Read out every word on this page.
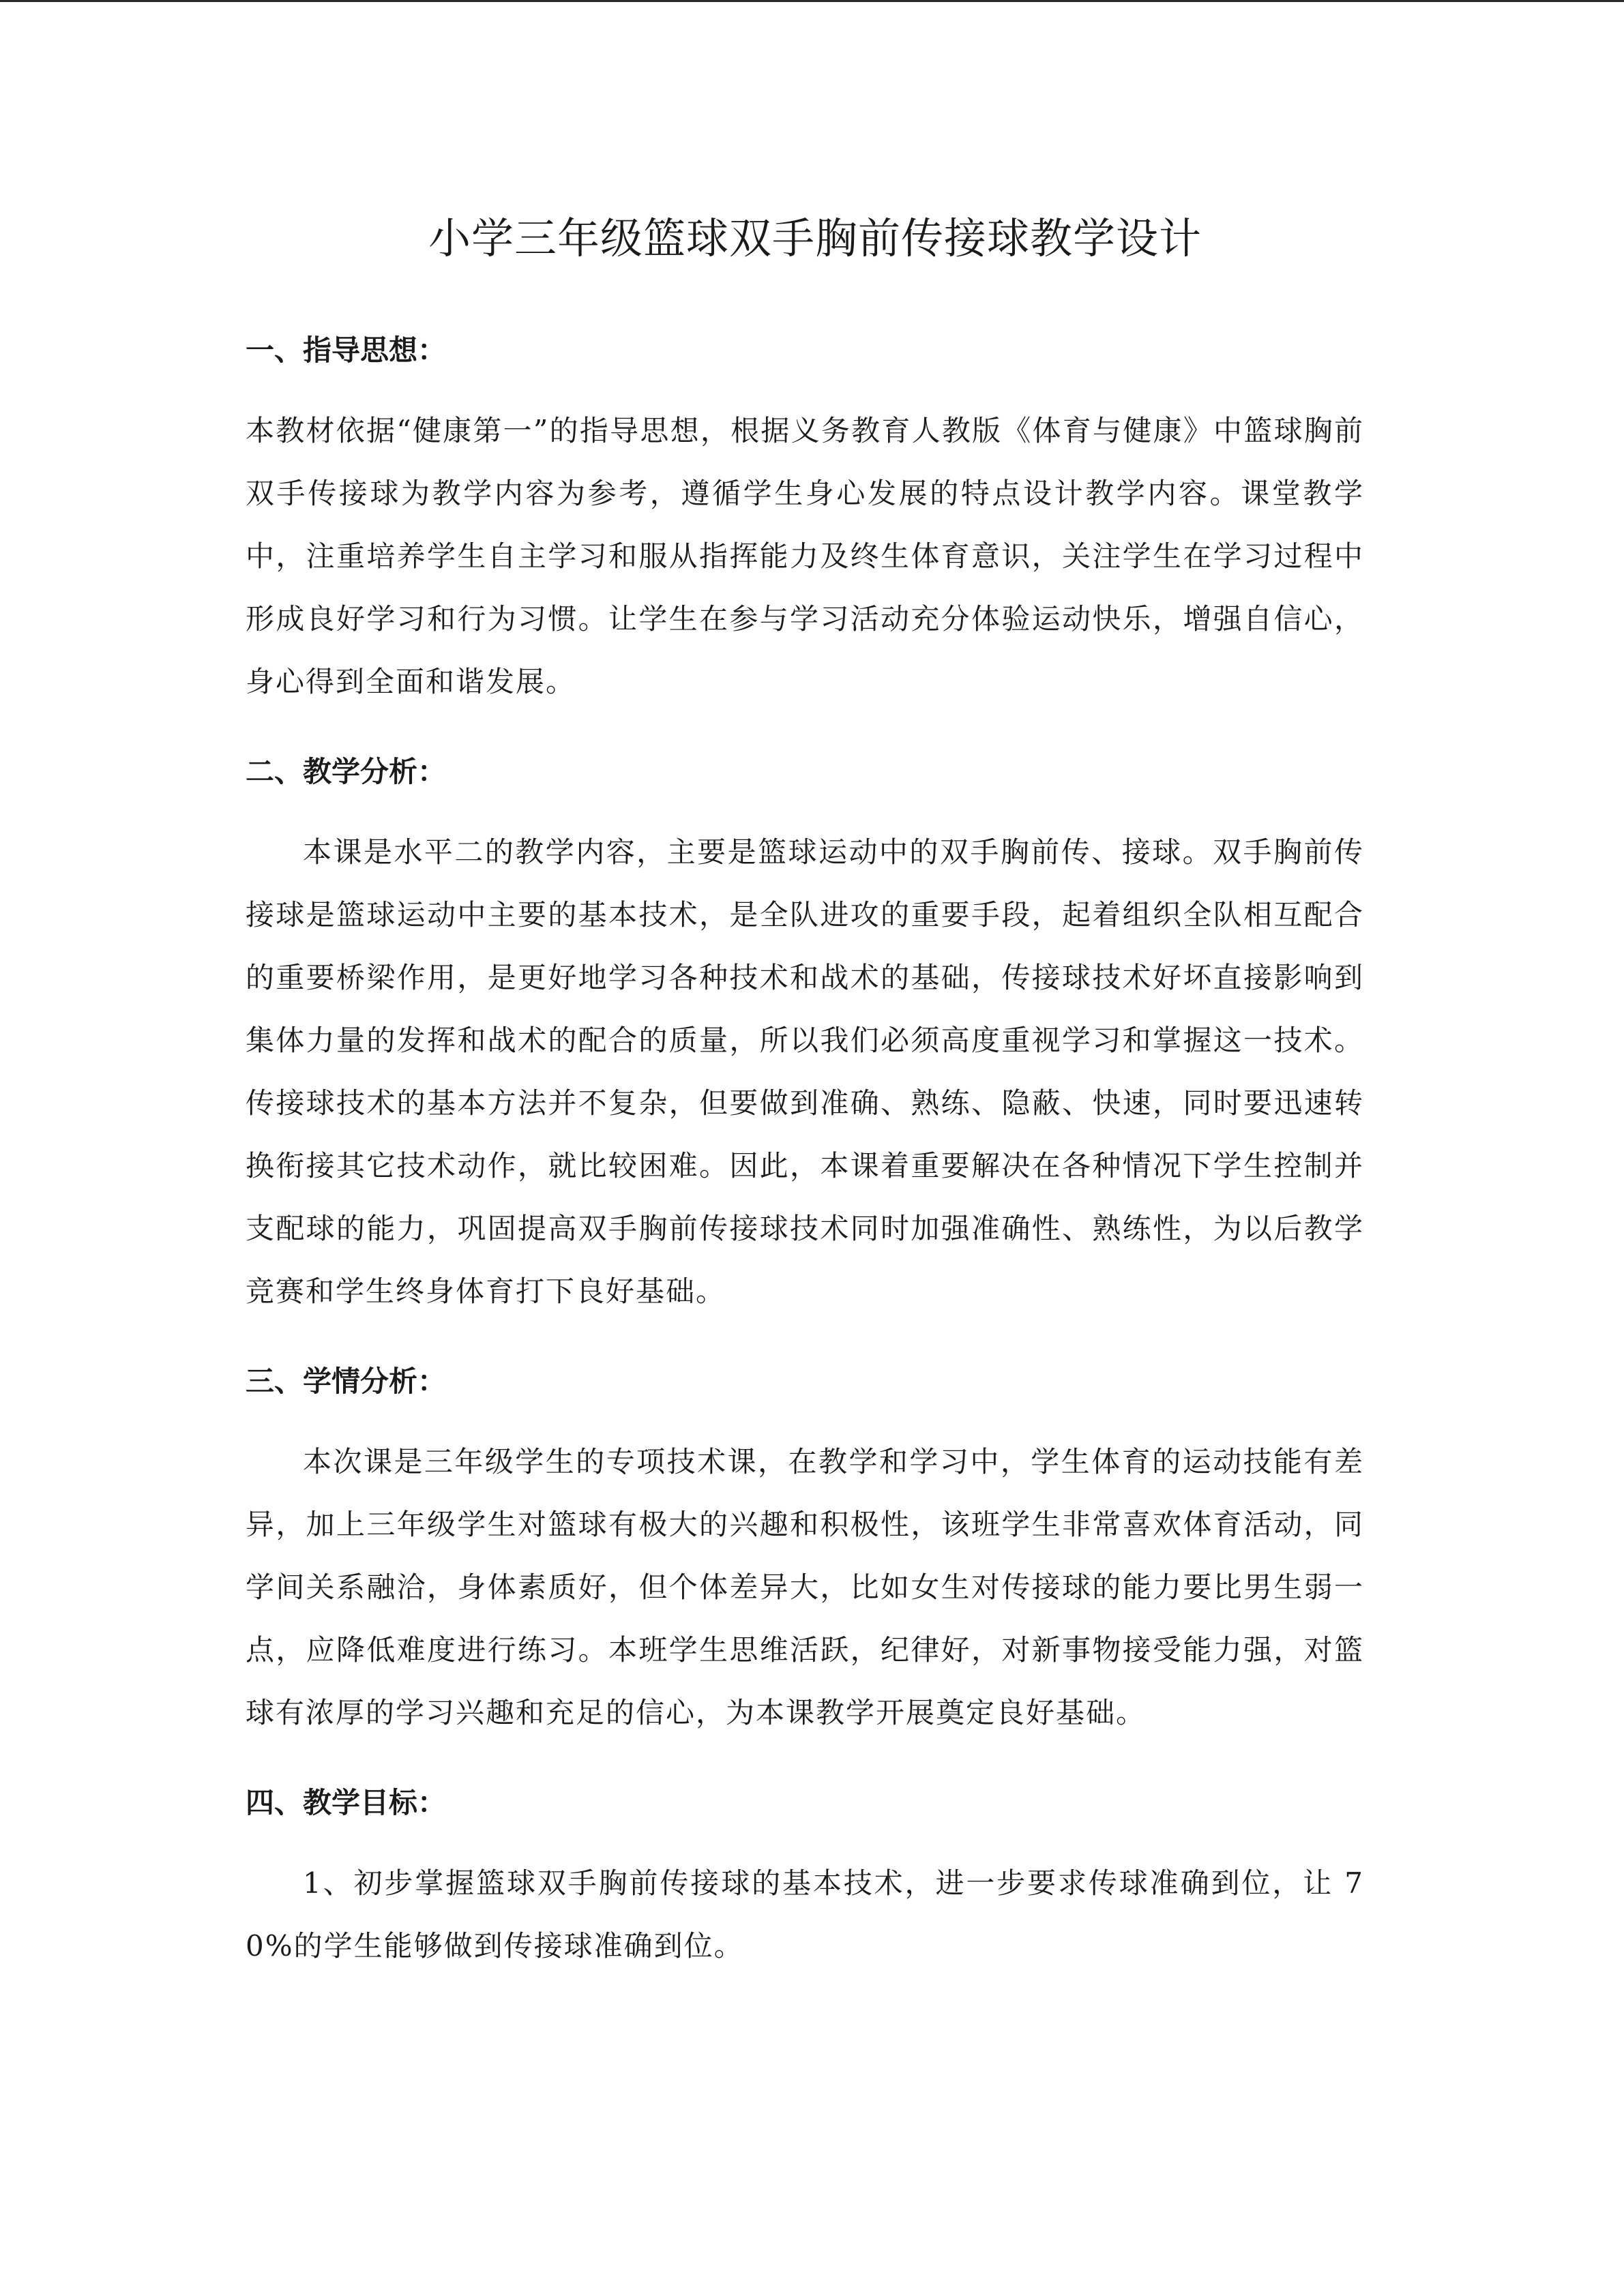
小学三年级篮球双手胸前传接球教学设计
一、指导思想：

本教材依据“健康第一”的指导思想，根据义务教育人教版《体育与健康》中篮球胸前双手传接球为教学内容为参考，遵循学生身心发展的特点设计教学内容。课堂教学中，注重培养学生自主学习和服从指挥能力及终生体育意识，关注学生在学习过程中形成良好学习和行为习惯。让学生在参与学习活动充分体验运动快乐，增强自信心，身心得到全面和谐发展。

二、教学分析：

本课是水平二的教学内容，主要是篮球运动中的双手胸前传、接球。双手胸前传接球是篮球运动中主要的基本技术，是全队进攻的重要手段，起着组织全队相互配合的重要桥梁作用，是更好地学习各种技术和战术的基础，传接球技术好坏直接影响到集体力量的发挥和战术的配合的质量，所以我们必须高度重视学习和掌握这一技术。传接球技术的基本方法并不复杂，但要做到准确、熟练、隐蔽、快速，同时要迅速转换衔接其它技术动作，就比较困难。因此，本课着重要解决在各种情况下学生控制并支配球的能力，巩固提高双手胸前传接球技术同时加强准确性、熟练性，为以后教学竞赛和学生终身体育打下良好基础。

三、学情分析：

本次课是三年级学生的专项技术课，在教学和学习中，学生体育的运动技能有差异，加上三年级学生对篮球有极大的兴趣和积极性，该班学生非常喜欢体育活动，同学间关系融洽，身体素质好，但个体差异大，比如女生对传接球的能力要比男生弱一点，应降低难度进行练习。本班学生思维活跃，纪律好，对新事物接受能力强，对篮球有浓厚的学习兴趣和充足的信心，为本课教学开展奠定良好基础。

四、教学目标：

1、初步掌握篮球双手胸前传接球的基本技术，进一步要求传球准确到位，让 70%的学生能够做到传接球准确到位。
